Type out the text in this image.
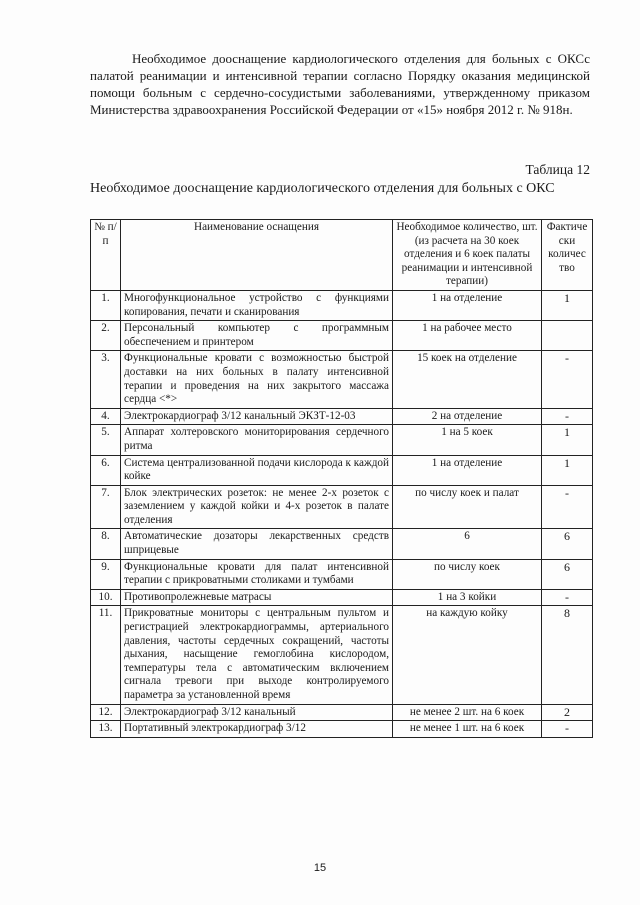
Необходимое дооснащение кардиологического отделения для больных с ОКСс палатой реанимации и интенсивной терапии согласно Порядку оказания медицинской помощи больным с сердечно-сосудистыми заболеваниями, утвержденному приказом Министерства здравоохранения Российской Федерации от «15» ноября 2012 г. № 918н.

Таблица 12

Необходимое дооснащение кардиологического отделения для больных с ОКС

№ п/п	Наименование оснащения	Необходимое количество, шт. (из расчета на 30 коек отделения и 6 коек палаты реанимации и интенсивной терапии)	Фактиче ски количес тво
1.	Многофункциональное устройство с функциями копирования, печати и сканирования	1 на отделение	1
2.	Персональный компьютер с программным обеспечением и принтером	1 на рабочее место	
3.	Функциональные кровати с возможностью быстрой доставки на них больных в палату интенсивной терапии и проведения на них закрытого массажа сердца <*>	15 коек на отделение	-
4.	Электрокардиограф 3/12 канальный ЭКЗТ-12-03	2 на отделение	-
5.	Аппарат холтеровского мониторирования сердечного ритма	1 на 5 коек	1
6.	Система централизованной подачи кислорода к каждой койке	1 на отделение	1
7.	Блок электрических розеток: не менее 2-х розеток с заземлением у каждой койки и 4-х розеток в палате отделения	по числу коек и палат	-
8.	Автоматические дозаторы лекарственных средств шприцевые	6	6
9.	Функциональные кровати для палат интенсивной терапии с прикроватными столиками и тумбами	по числу коек	6
10.	Противопролежневые матрасы	1 на 3 койки	-
11.	Прикроватные мониторы с центральным пультом и регистрацией электрокардиограммы, артериального давления, частоты сердечных сокращений, частоты дыхания, насыщение гемоглобина кислородом, температуры тела с автоматическим включением сигнала тревоги при выходе контролируемого параметра за установленной время	на каждую койку	8
12.	Электрокардиограф 3/12 канальный	не менее 2 шт. на 6 коек	2
13.	Портативный электрокардиограф 3/12	не менее 1 шт. на 6 коек	-
15
